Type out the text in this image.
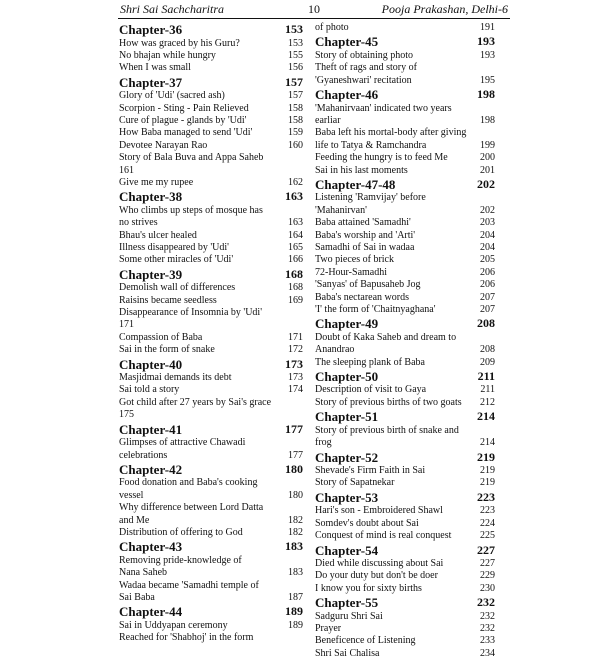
Shri Sai Sachcharitra	10	Pooja Prakashan, Delhi-6
Chapter-36	153
How was graced by his Guru?	153
No bhajan while hungry	155
When I was small	156
Chapter-37	157
Glory of 'Udi' (sacred ash)	157
Scorpion - Sting - Pain Relieved	158
Cure of plague - glands by 'Udi'	158
How Baba managed to send 'Udi'	159
Devotee Narayan Rao	160
Story of Bala Buva and Appa Saheb
161
Give me my rupee	162
Chapter-38	163
Who climbs up steps of mosque has
no strives	163
Bhau's ulcer healed	164
Illness disappeared by 'Udi'	165
Some other miracles of 'Udi'	166
Chapter-39	168
Demolish wall of differences	168
Raisins became seedless	169
Disappearance of Insomnia by 'Udi'
171
Compassion of Baba	171
Sai in the form of snake	172
Chapter-40	173
Masjidmai demands its debt	173
Sai told a story	174
Got child after 27 years by Sai's grace
175
Chapter-41	177
Glimpses of attractive Chawadi
celebrations	177
Chapter-42	180
Food donation and Baba's cooking
vessel	180
Why difference between Lord Datta
and Me	182
Distribution of offering to God	182
Chapter-43	183
Removing pride-knowledge of
Nana Saheb	183
Wadaa became 'Samadhi temple of
Sai Baba	187
Chapter-44	189
Sai in Uddyapan ceremony	189
Reached for 'Shabhoj' in the form
of photo	191
Chapter-45	193
Story of obtaining photo	193
Theft of rags and story of
'Gyaneshwari' recitation	195
Chapter-46	198
'Mahanirvaan' indicated two years
earliar	198
Baba left his mortal-body after giving
life to Tatya & Ramchandra	199
Feeding the hungry is to feed Me	200
Sai in his last moments	201
Chapter-47-48	202
Listening 'Ramvijay' before
'Mahanirvan'	202
Baba attained 'Samadhi'	203
Baba's worship and 'Arti'	204
Samadhi of Sai in wadaa	204
Two pieces of brick	205
72-Hour-Samadhi	206
'Sanyas' of Bapusaheb Jog	206
Baba's nectarean words	207
'I' the form of 'Chaitnyaghana'	207
Chapter-49	208
Doubt of Kaka Saheb and dream to
Anandrao	208
The sleeping plank of Baba	209
Chapter-50	211
Description of visit to Gaya	211
Story of previous births of two goats 212
Chapter-51	214
Story of previous birth of snake and
frog	214
Chapter-52	219
Shevade's Firm Faith in Sai	219
Story of Sapatnekar	219
Chapter-53	223
Hari's son - Embroidered Shawl	223
Somdev's doubt about Sai	224
Conquest of mind is real conquest	225
Chapter-54	227
Died while discussing about Sai	227
Do your duty but don't be doer	229
I know you for sixty births	230
Chapter-55	232
Sadguru Shri Sai	232
Prayer	232
Beneficence of Listening	233
Shri Sai Chalisa	234
